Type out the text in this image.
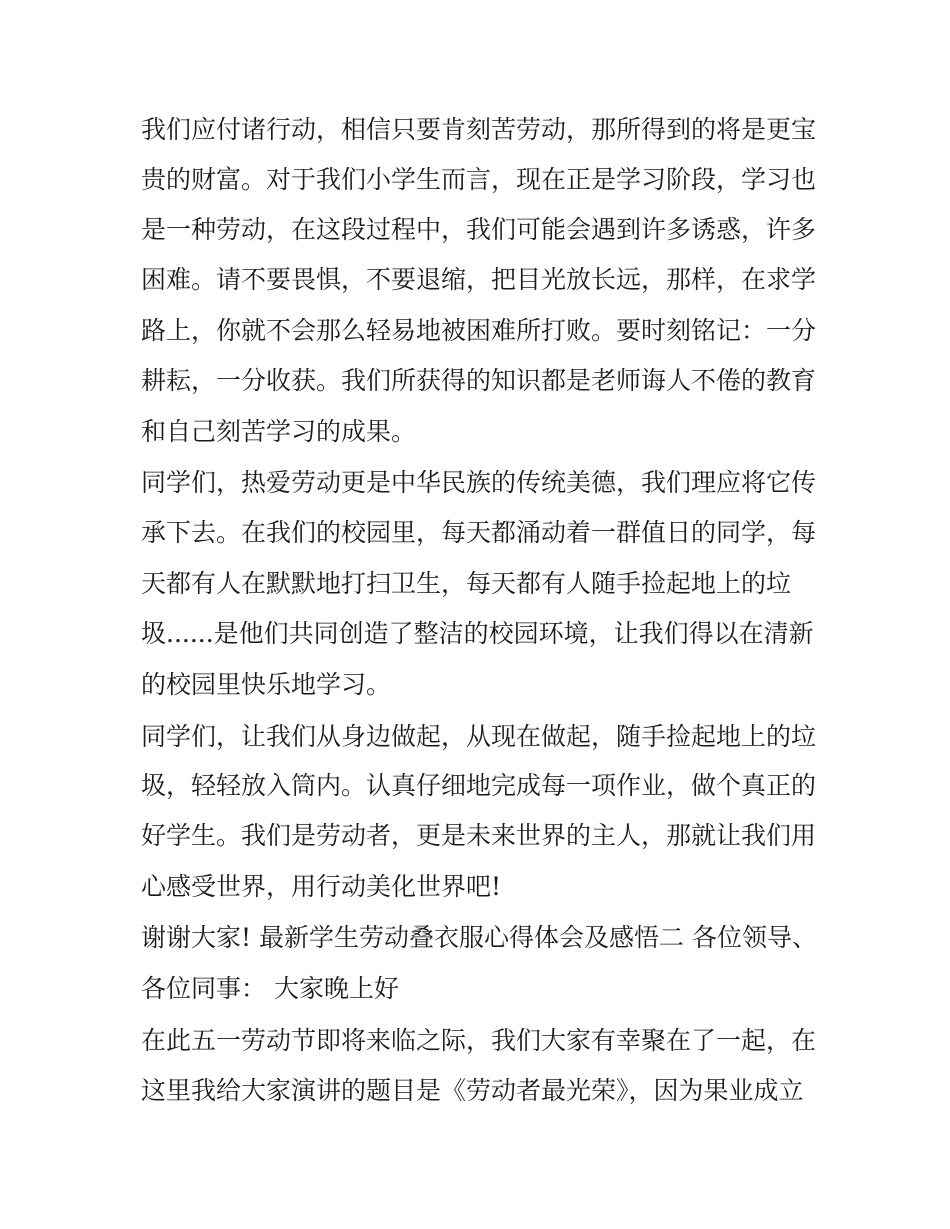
我们应付诸行动，相信只要肯刻苦劳动，那所得到的将是更宝
贵的财富。对于我们小学生而言，现在正是学习阶段，学习也
是一种劳动，在这段过程中，我们可能会遇到许多诱惑，许多
困难。请不要畏惧，不要退缩，把目光放长远，那样，在求学
路上，你就不会那么轻易地被困难所打败。要时刻铭记：一分
耕耘，一分收获。我们所获得的知识都是老师诲人不倦的教育
和自己刻苦学习的成果。
同学们，热爱劳动更是中华民族的传统美德，我们理应将它传
承下去。在我们的校园里，每天都涌动着一群值日的同学，每
天都有人在默默地打扫卫生，每天都有人随手捡起地上的垃
圾......是他们共同创造了整洁的校园环境，让我们得以在清新
的校园里快乐地学习。
同学们，让我们从身边做起，从现在做起，随手捡起地上的垃
圾，轻轻放入筒内。认真仔细地完成每一项作业，做个真正的
好学生。我们是劳动者，更是未来世界的主人，那就让我们用
心感受世界，用行动美化世界吧!
谢谢大家! 最新学生劳动叠衣服心得体会及感悟二 各位领导、
各位同事： 大家晚上好
在此五一劳动节即将来临之际，我们大家有幸聚在了一起，在
这里我给大家演讲的题目是《劳动者最光荣》，因为果业成立
